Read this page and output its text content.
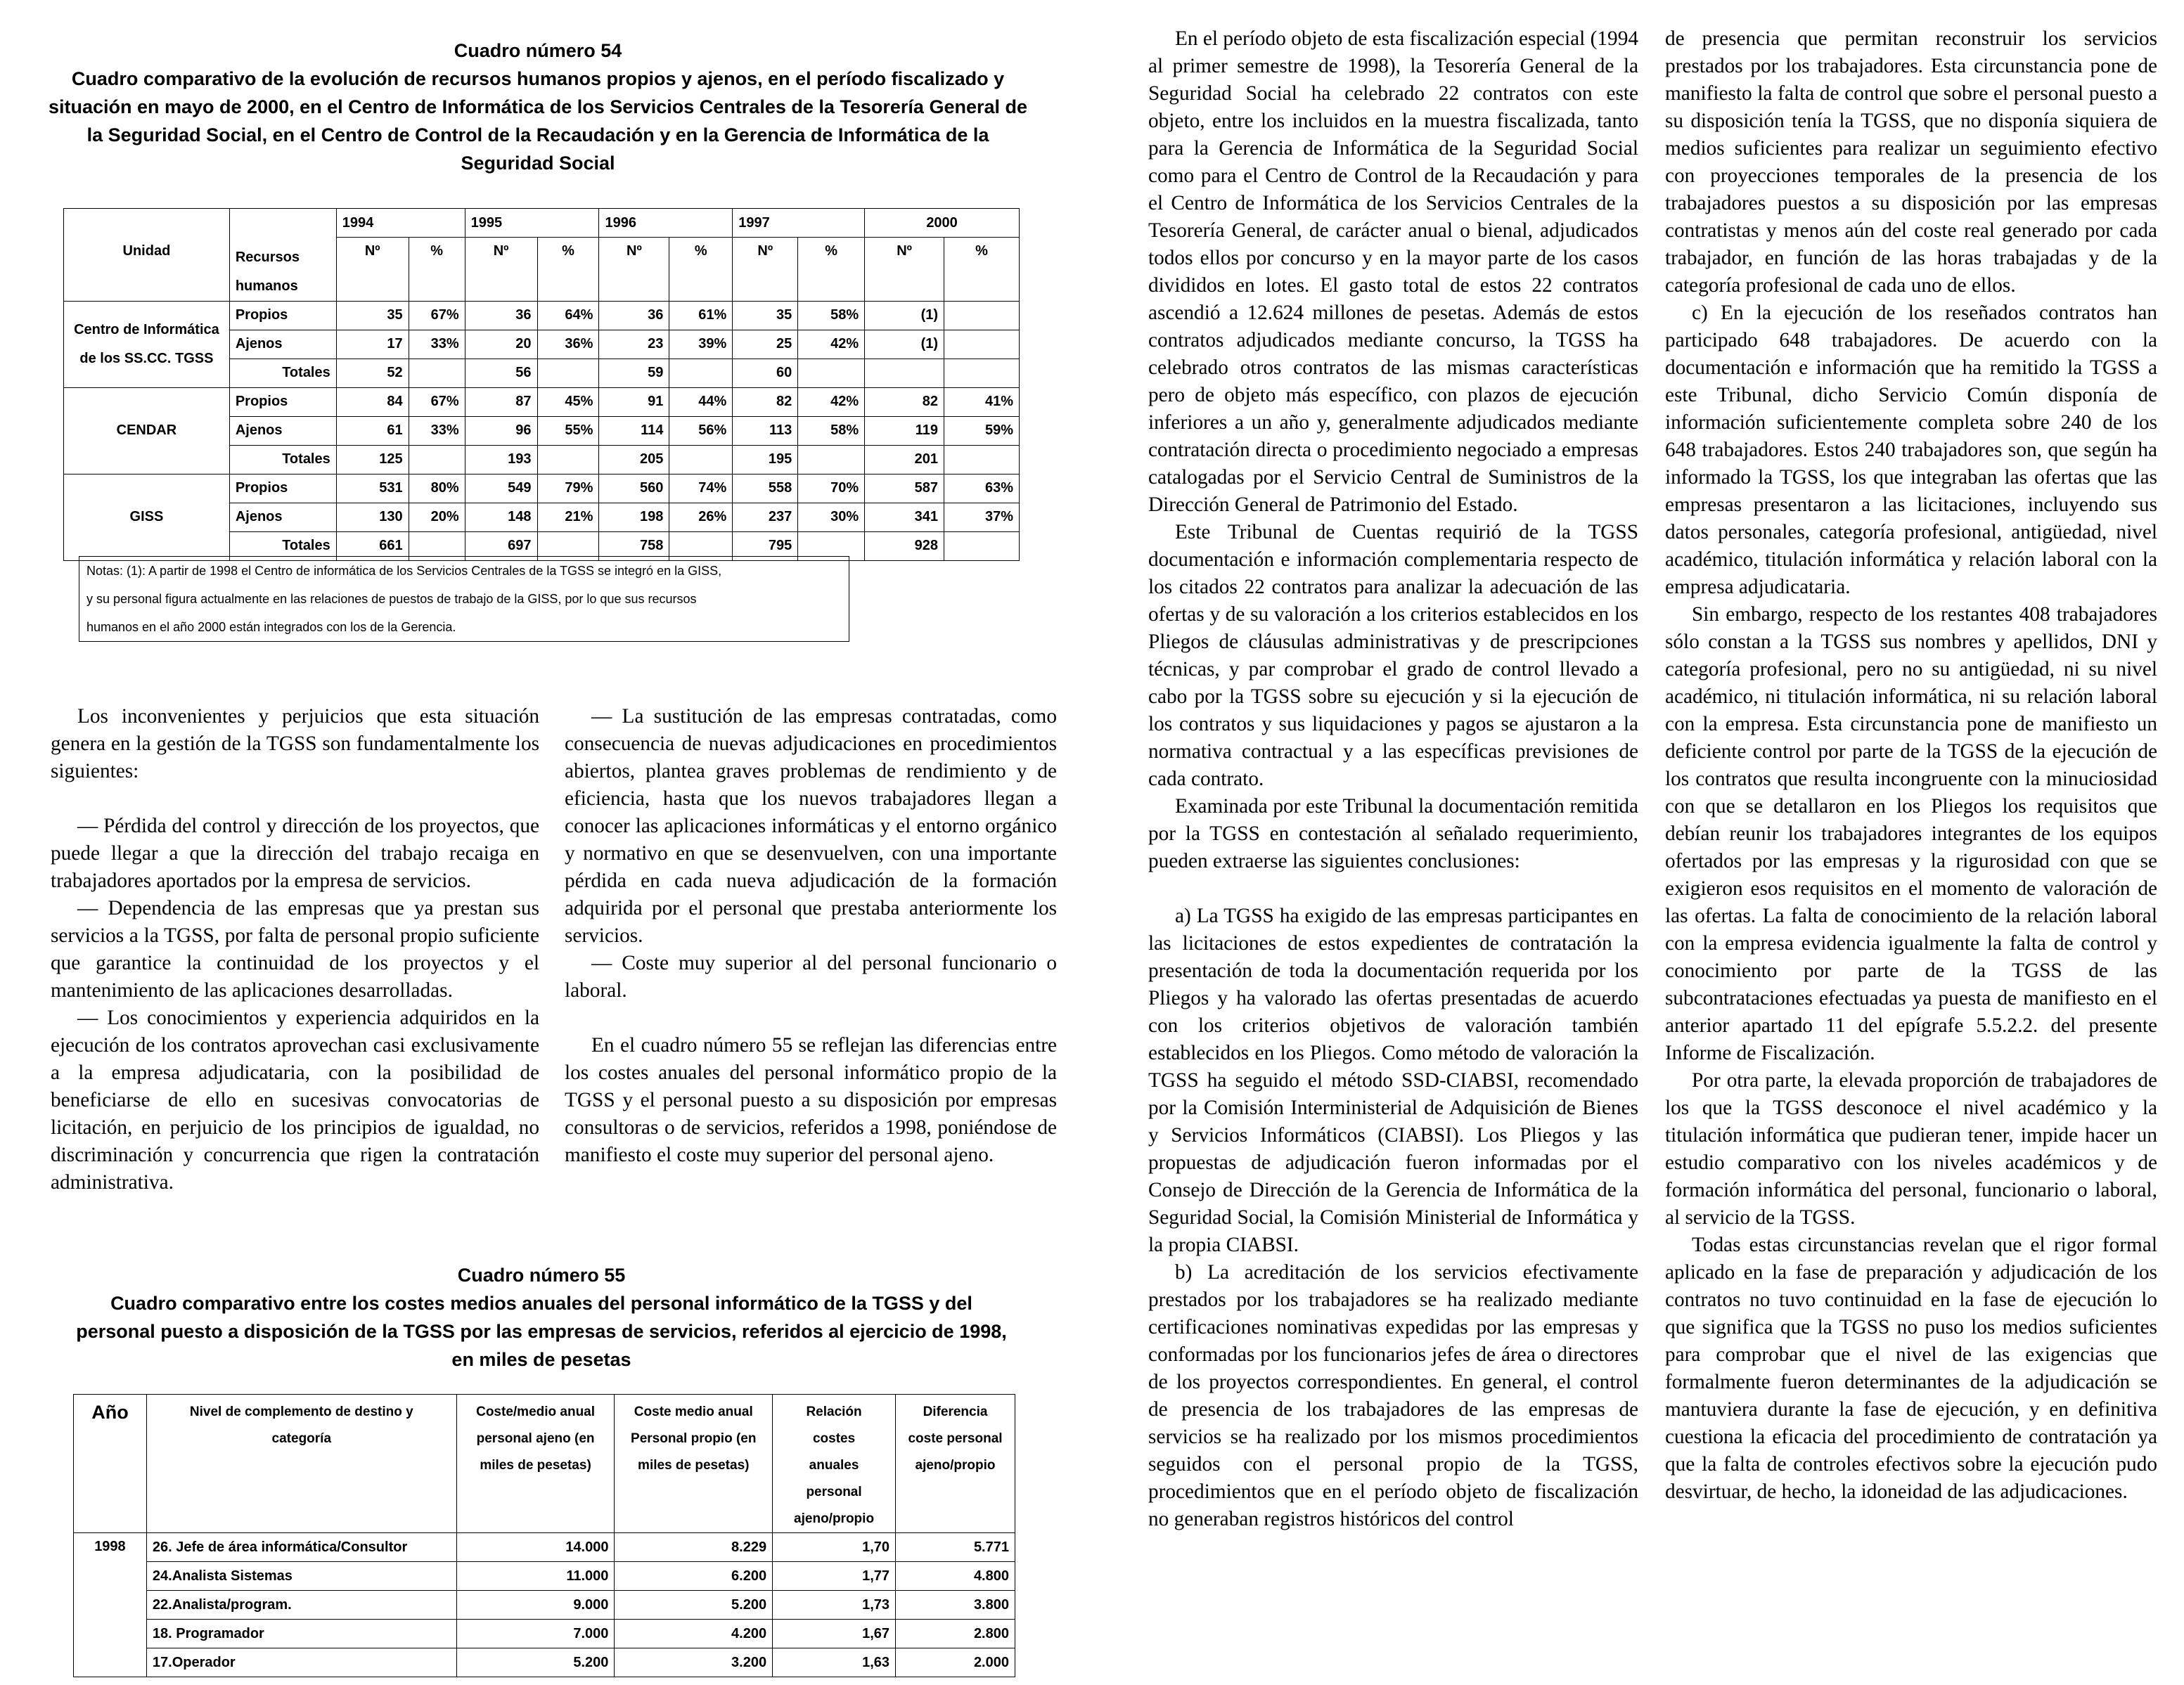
Cuadro número 54
Cuadro comparativo de la evolución de recursos humanos propios y ajenos, en el período fiscalizado y situación en mayo de 2000, en el Centro de Informática de los Servicios Centrales de la Tesorería General de la Seguridad Social, en el Centro de Control de la Recaudación y en la Gerencia de Informática de la Seguridad Social
		1994		1995		1996		1997		2000	
Unidad	Recursos humanos	Nº	%	Nº	%	Nº	%	Nº	%	Nº	%

Centro de Informática de los SS.CC. TGSS	Propios	35	67%	36	64%	36	61%	35	58%	(1)	
	Ajenos	17	33%	20	36%	23	39%	25	42%	(1)	
	Totales	52		56		59		60			
CENDAR	Propios	84	67%	87	45%	91	44%	82	42%	82	41%
	Ajenos	61	33%	96	55%	114	56%	113	58%	119	59%
	Totales	125		193		205		195		201	
GISS	Propios	531	80%	549	79%	560	74%	558	70%	587	63%
	Ajenos	130	20%	148	21%	198	26%	237	30%	341	37%
	Totales	661		697		758		795		928	
Notas: (1): A partir de 1998 el Centro de informática de los Servicios Centrales de la TGSS se integró en la GISS,
y su personal figura actualmente en las relaciones de puestos de trabajo de la GISS, por lo que sus recursos
humanos en el año 2000 están integrados con los de la Gerencia.

Los inconvenientes y perjuicios que esta situación genera en la gestión de la TGSS son fundamentalmente los siguientes:

— Pérdida del control y dirección de los proyectos, que puede llegar a que la dirección del trabajo recaiga en trabajadores aportados por la empresa de servicios.

— Dependencia de las empresas que ya prestan sus servicios a la TGSS, por falta de personal propio suficiente que garantice la continuidad de los proyectos y el mantenimiento de las aplicaciones desarrolladas.

— Los conocimientos y experiencia adquiridos en la ejecución de los contratos aprovechan casi exclusivamente a la empresa adjudicataria, con la posibilidad de beneficiarse de ello en sucesivas convocatorias de licitación, en perjuicio de los principios de igualdad, no discriminación y concurrencia que rigen la contratación administrativa.

— La sustitución de las empresas contratadas, como consecuencia de nuevas adjudicaciones en procedimientos abiertos, plantea graves problemas de rendimiento y de eficiencia, hasta que los nuevos trabajadores llegan a conocer las aplicaciones informáticas y el entorno orgánico y normativo en que se desenvuelven, con una importante pérdida en cada nueva adjudicación de la formación adquirida por el personal que prestaba anteriormente los servicios.

— Coste muy superior al del personal funcionario o laboral.

En el cuadro número 55 se reflejan las diferencias entre los costes anuales del personal informático propio de la TGSS y el personal puesto a su disposición por empresas consultoras o de servicios, referidos a 1998, poniéndose de manifiesto el coste muy superior del personal ajeno.

Cuadro número 55
Cuadro comparativo entre los costes medios anuales del personal informático de la TGSS y del personal puesto a disposición de la TGSS por las empresas de servicios, referidos al ejercicio de 1998, en miles de pesetas
Año	Nivel de complemento de destino y categoría	Coste/medio anual personal ajeno (en miles de pesetas)	Coste medio anual Personal propio (en miles de pesetas)	Relación costes anuales personal ajeno/propio	Diferencia coste personal ajeno/propio
1998	26. Jefe de área informática/Consultor	14.000	8.229	1,70	5.771
	24.Analista Sistemas	11.000	6.200	1,77	4.800
	22.Analista/program.	9.000	5.200	1,73	3.800
	18. Programador	7.000	4.200	1,67	2.800
	17.Operador	5.200	3.200	1,63	2.000

En el período objeto de esta fiscalización especial (1994 al primer semestre de 1998), la Tesorería General de la Seguridad Social ha celebrado 22 contratos con este objeto, entre los incluidos en la muestra fiscalizada, tanto para la Gerencia de Informática de la Seguridad Social como para el Centro de Control de la Recaudación y para el Centro de Informática de los Servicios Centrales de la Tesorería General, de carácter anual o bienal, adjudicados todos ellos por concurso y en la mayor parte de los casos divididos en lotes. El gasto total de estos 22 contratos ascendió a 12.624 millones de pesetas. Además de estos contratos adjudicados mediante concurso, la TGSS ha celebrado otros contratos de las mismas características pero de objeto más específico, con plazos de ejecución inferiores a un año y, generalmente adjudicados mediante contratación directa o procedimiento negociado a empresas catalogadas por el Servicio Central de Suministros de la Dirección General de Patrimonio del Estado.

Este Tribunal de Cuentas requirió de la TGSS documentación e información complementaria respecto de los citados 22 contratos para analizar la adecuación de las ofertas y de su valoración a los criterios establecidos en los Pliegos de cláusulas administrativas y de prescripciones técnicas, y par comprobar el grado de control llevado a cabo por la TGSS sobre su ejecución y si la ejecución de los contratos y sus liquidaciones y pagos se ajustaron a la normativa contractual y a las específicas previsiones de cada contrato.

Examinada por este Tribunal la documentación remitida por la TGSS en contestación al señalado requerimiento, pueden extraerse las siguientes conclusiones:

a) La TGSS ha exigido de las empresas participantes en las licitaciones de estos expedientes de contratación la presentación de toda la documentación requerida por los Pliegos y ha valorado las ofertas presentadas de acuerdo con los criterios objetivos de valoración también establecidos en los Pliegos. Como método de valoración la TGSS ha seguido el método SSD-CIABSI, recomendado por la Comisión Interministerial de Adquisición de Bienes y Servicios Informáticos (CIABSI). Los Pliegos y las propuestas de adjudicación fueron informadas por el Consejo de Dirección de la Gerencia de Informática de la Seguridad Social, la Comisión Ministerial de Informática y la propia CIABSI.

b) La acreditación de los servicios efectivamente prestados por los trabajadores se ha realizado mediante certificaciones nominativas expedidas por las empresas y conformadas por los funcionarios jefes de área o directores de los proyectos correspondientes. En general, el control de presencia de los trabajadores de las empresas de servicios se ha realizado por los mismos procedimientos seguidos con el personal propio de la TGSS, procedimientos que en el período objeto de fiscalización no generaban registros históricos del control

de presencia que permitan reconstruir los servicios prestados por los trabajadores. Esta circunstancia pone de manifiesto la falta de control que sobre el personal puesto a su disposición tenía la TGSS, que no disponía siquiera de medios suficientes para realizar un seguimiento efectivo con proyecciones temporales de la presencia de los trabajadores puestos a su disposición por las empresas contratistas y menos aún del coste real generado por cada trabajador, en función de las horas trabajadas y de la categoría profesional de cada uno de ellos.

c) En la ejecución de los reseñados contratos han participado 648 trabajadores. De acuerdo con la documentación e información que ha remitido la TGSS a este Tribunal, dicho Servicio Común disponía de información suficientemente completa sobre 240 de los 648 trabajadores. Estos 240 trabajadores son, que según ha informado la TGSS, los que integraban las ofertas que las empresas presentaron a las licitaciones, incluyendo sus datos personales, categoría profesional, antigüedad, nivel académico, titulación informática y relación laboral con la empresa adjudicataria.

Sin embargo, respecto de los restantes 408 trabajadores sólo constan a la TGSS sus nombres y apellidos, DNI y categoría profesional, pero no su antigüedad, ni su nivel académico, ni titulación informática, ni su relación laboral con la empresa. Esta circunstancia pone de manifiesto un deficiente control por parte de la TGSS de la ejecución de los contratos que resulta incongruente con la minuciosidad con que se detallaron en los Pliegos los requisitos que debían reunir los trabajadores integrantes de los equipos ofertados por las empresas y la rigurosidad con que se exigieron esos requisitos en el momento de valoración de las ofertas. La falta de conocimiento de la relación laboral con la empresa evidencia igualmente la falta de control y conocimiento por parte de la TGSS de las subcontrataciones efectuadas ya puesta de manifiesto en el anterior apartado 11 del epígrafe 5.5.2.2. del presente Informe de Fiscalización.

Por otra parte, la elevada proporción de trabajadores de los que la TGSS desconoce el nivel académico y la titulación informática que pudieran tener, impide hacer un estudio comparativo con los niveles académicos y de formación informática del personal, funcionario o laboral, al servicio de la TGSS.

Todas estas circunstancias revelan que el rigor formal aplicado en la fase de preparación y adjudicación de los contratos no tuvo continuidad en la fase de ejecución lo que significa que la TGSS no puso los medios suficientes para comprobar que el nivel de las exigencias que formalmente fueron determinantes de la adjudicación se mantuviera durante la fase de ejecución, y en definitiva cuestiona la eficacia del procedimiento de contratación ya que la falta de controles efectivos sobre la ejecución pudo desvirtuar, de hecho, la idoneidad de las adjudicaciones.
